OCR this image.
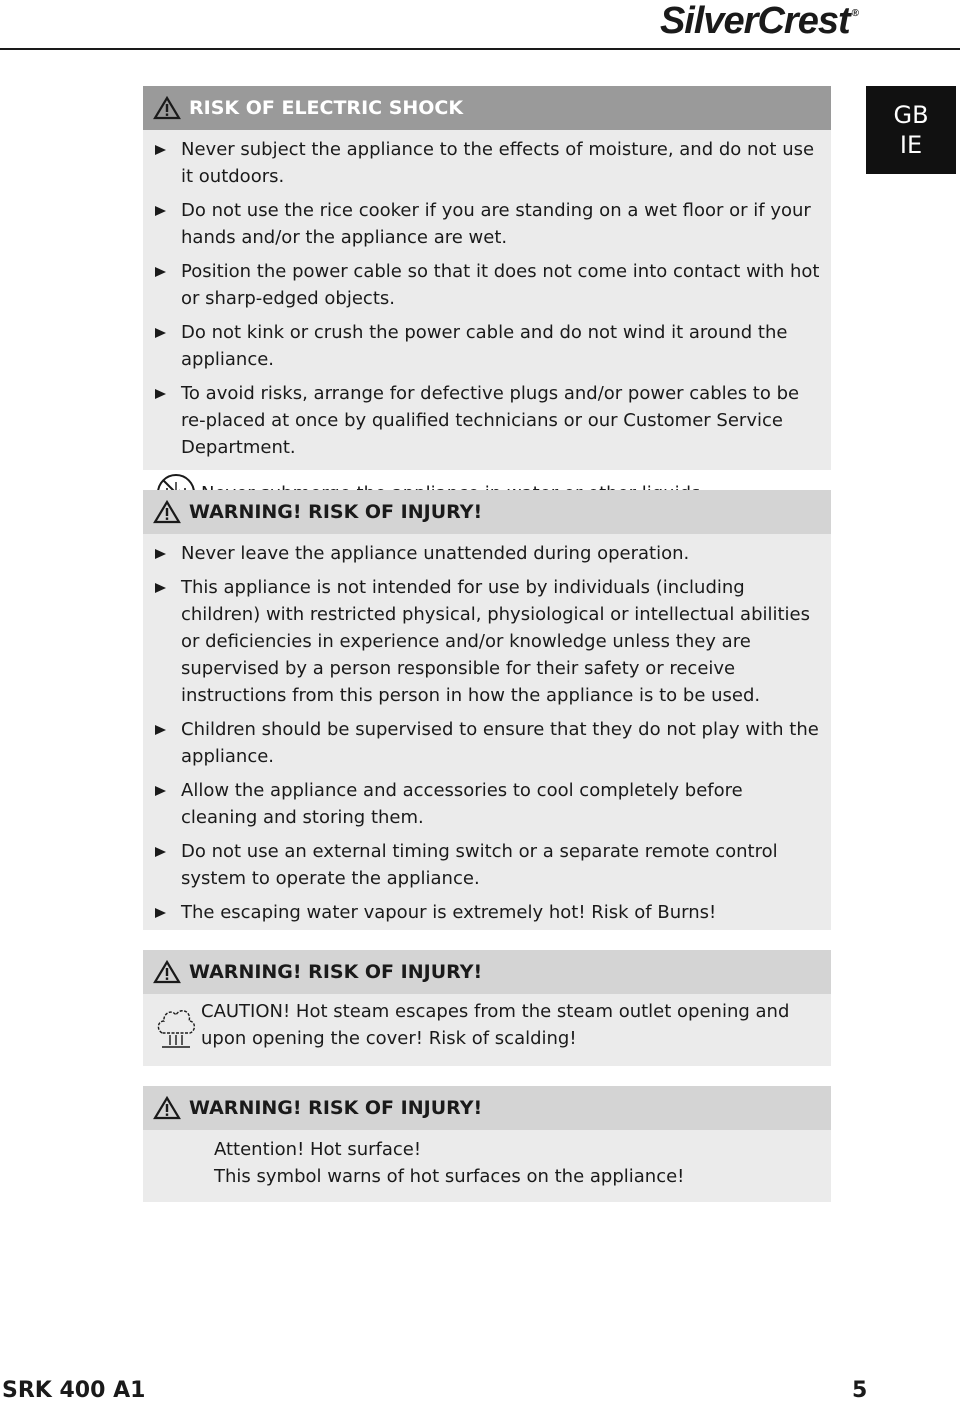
SilverCrest®
GB
IE
RISK OF ELECTRIC SHOCK
Never subject the appliance to the effects of moisture, and do not use it outdoors.
Do not use the rice cooker if you are standing on a wet floor or if your hands and/or the appliance are wet.
Position the power cable so that it does not come into contact with hot or sharp-edged objects.
Do not kink or crush the power cable and do not wind it around the appliance.
To avoid risks, arrange for defective plugs and/or power cables to be re-placed at once by qualified technicians or our Customer Service Department.
WARNING! RISK OF INJURY!
Never leave the appliance unattended during operation.
This appliance is not intended for use by individuals (including children) with restricted physical, physiological or intellectual abilities or deficiencies in experience and/or knowledge unless they are supervised by a person responsible for their safety or receive instructions from this person in how the appliance is to be used.
Children should be supervised to ensure that they do not play with the appliance.
Allow the appliance and accessories to cool completely before cleaning and storing them.
Do not use an external timing switch or a separate remote control system to operate the appliance.
The escaping water vapour is extremely hot! Risk of Burns!
WARNING! RISK OF INJURY!
CAUTION! Hot steam escapes from the steam outlet opening and
upon opening the cover! Risk of scalding!
WARNING! RISK OF INJURY!
Attention! Hot surface!
This symbol warns of hot surfaces on the appliance!
SRK 400 A1	5
